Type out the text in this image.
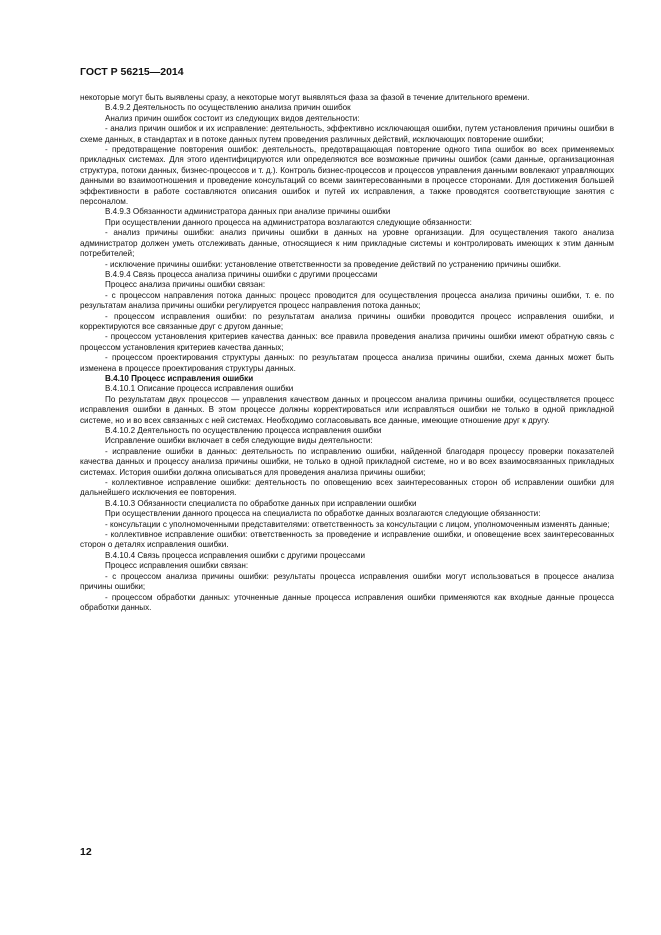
ГОСТ Р 56215—2014

некоторые могут быть выявлены сразу, а некоторые могут выявляться фаза за фазой в течение длительного времени.

В.4.9.2 Деятельность по осуществлению анализа причин ошибок

Анализ причин ошибок состоит из следующих видов деятельности:

- анализ причин ошибок и их исправление: деятельность, эффективно исключающая ошибки, путем установления причины ошибки в схеме данных, в стандартах и в потоке данных путем проведения различных действий, исключающих повторение ошибки;

- предотвращение повторения ошибок: деятельность, предотвращающая повторение одного типа ошибок во всех применяемых прикладных системах. Для этого идентифицируются или определяются все возможные причины ошибок (сами данные, организационная структура, потоки данных, бизнес-процессов и т. д.). Контроль бизнес-процессов и процессов управления данными вовлекают управляющих данными во взаимоотношения и проведение консультаций со всеми заинтересованными в процессе сторонами. Для достижения большей эффективности в работе составляются описания ошибок и путей их исправления, а также проводятся соответствующие занятия с персоналом.

В.4.9.3 Обязанности администратора данных при анализе причины ошибки

При осуществлении данного процесса на администратора возлагаются следующие обязанности:

- анализ причины ошибки: анализ причины ошибки в данных на уровне организации. Для осуществления такого анализа администратор должен уметь отслеживать данные, относящиеся к ним прикладные системы и контролировать имеющих к этим данным потребителей;

- исключение причины ошибки: установление ответственности за проведение действий по устранению причины ошибки.

В.4.9.4 Связь процесса анализа причины ошибки с другими процессами

Процесс анализа причины ошибки связан:

- с процессом направления потока данных: процесс проводится для осуществления процесса анализа причины ошибки, т. е. по результатам анализа причины ошибки регулируется процесс направления потока данных;

- процессом исправления ошибки: по результатам анализа причины ошибки проводится процесс исправления ошибки, и корректируются все связанные друг с другом данные;

- процессом установления критериев качества данных: все правила проведения анализа причины ошибки имеют обратную связь с процессом установления критериев качества данных;

- процессом проектирования структуры данных: по результатам процесса анализа причины ошибки, схема данных может быть изменена в процессе проектирования структуры данных.

В.4.10 Процесс исправления ошибки

В.4.10.1 Описание процесса исправления ошибки

По результатам двух процессов — управления качеством данных и процессом анализа причины ошибки, осуществляется процесс исправления ошибки в данных. В этом процессе должны корректироваться или исправляться ошибки не только в одной прикладной системе, но и во всех связанных с ней системах. Необходимо согласовывать все данные, имеющие отношение друг к другу.

В.4.10.2 Деятельность по осуществлению процесса исправления ошибки

Исправление ошибки включает в себя следующие виды деятельности:

- исправление ошибки в данных: деятельность по исправлению ошибки, найденной благодаря процессу проверки показателей качества данных и процессу анализа причины ошибки, не только в одной прикладной системе, но и во всех взаимосвязанных прикладных системах. История ошибки должна описываться для проведения анализа причины ошибки;

- коллективное исправление ошибки: деятельность по оповещению всех заинтересованных сторон об исправлении ошибки для дальнейшего исключения ее повторения.

В.4.10.3 Обязанности специалиста по обработке данных при исправлении ошибки

При осуществлении данного процесса на специалиста по обработке данных возлагаются следующие обязанности:

- консультации с уполномоченными представителями: ответственность за консультации с лицом, уполномоченным изменять данные;

- коллективное исправление ошибки: ответственность за проведение и исправление ошибки, и оповещение всех заинтересованных сторон о деталях исправления ошибки.

В.4.10.4 Связь процесса исправления ошибки с другими процессами

Процесс исправления ошибки связан:

- с процессом анализа причины ошибки: результаты процесса исправления ошибки могут использоваться в процессе анализа причины ошибки;

- процессом обработки данных: уточненные данные процесса исправления ошибки применяются как входные данные процесса обработки данных.

12
